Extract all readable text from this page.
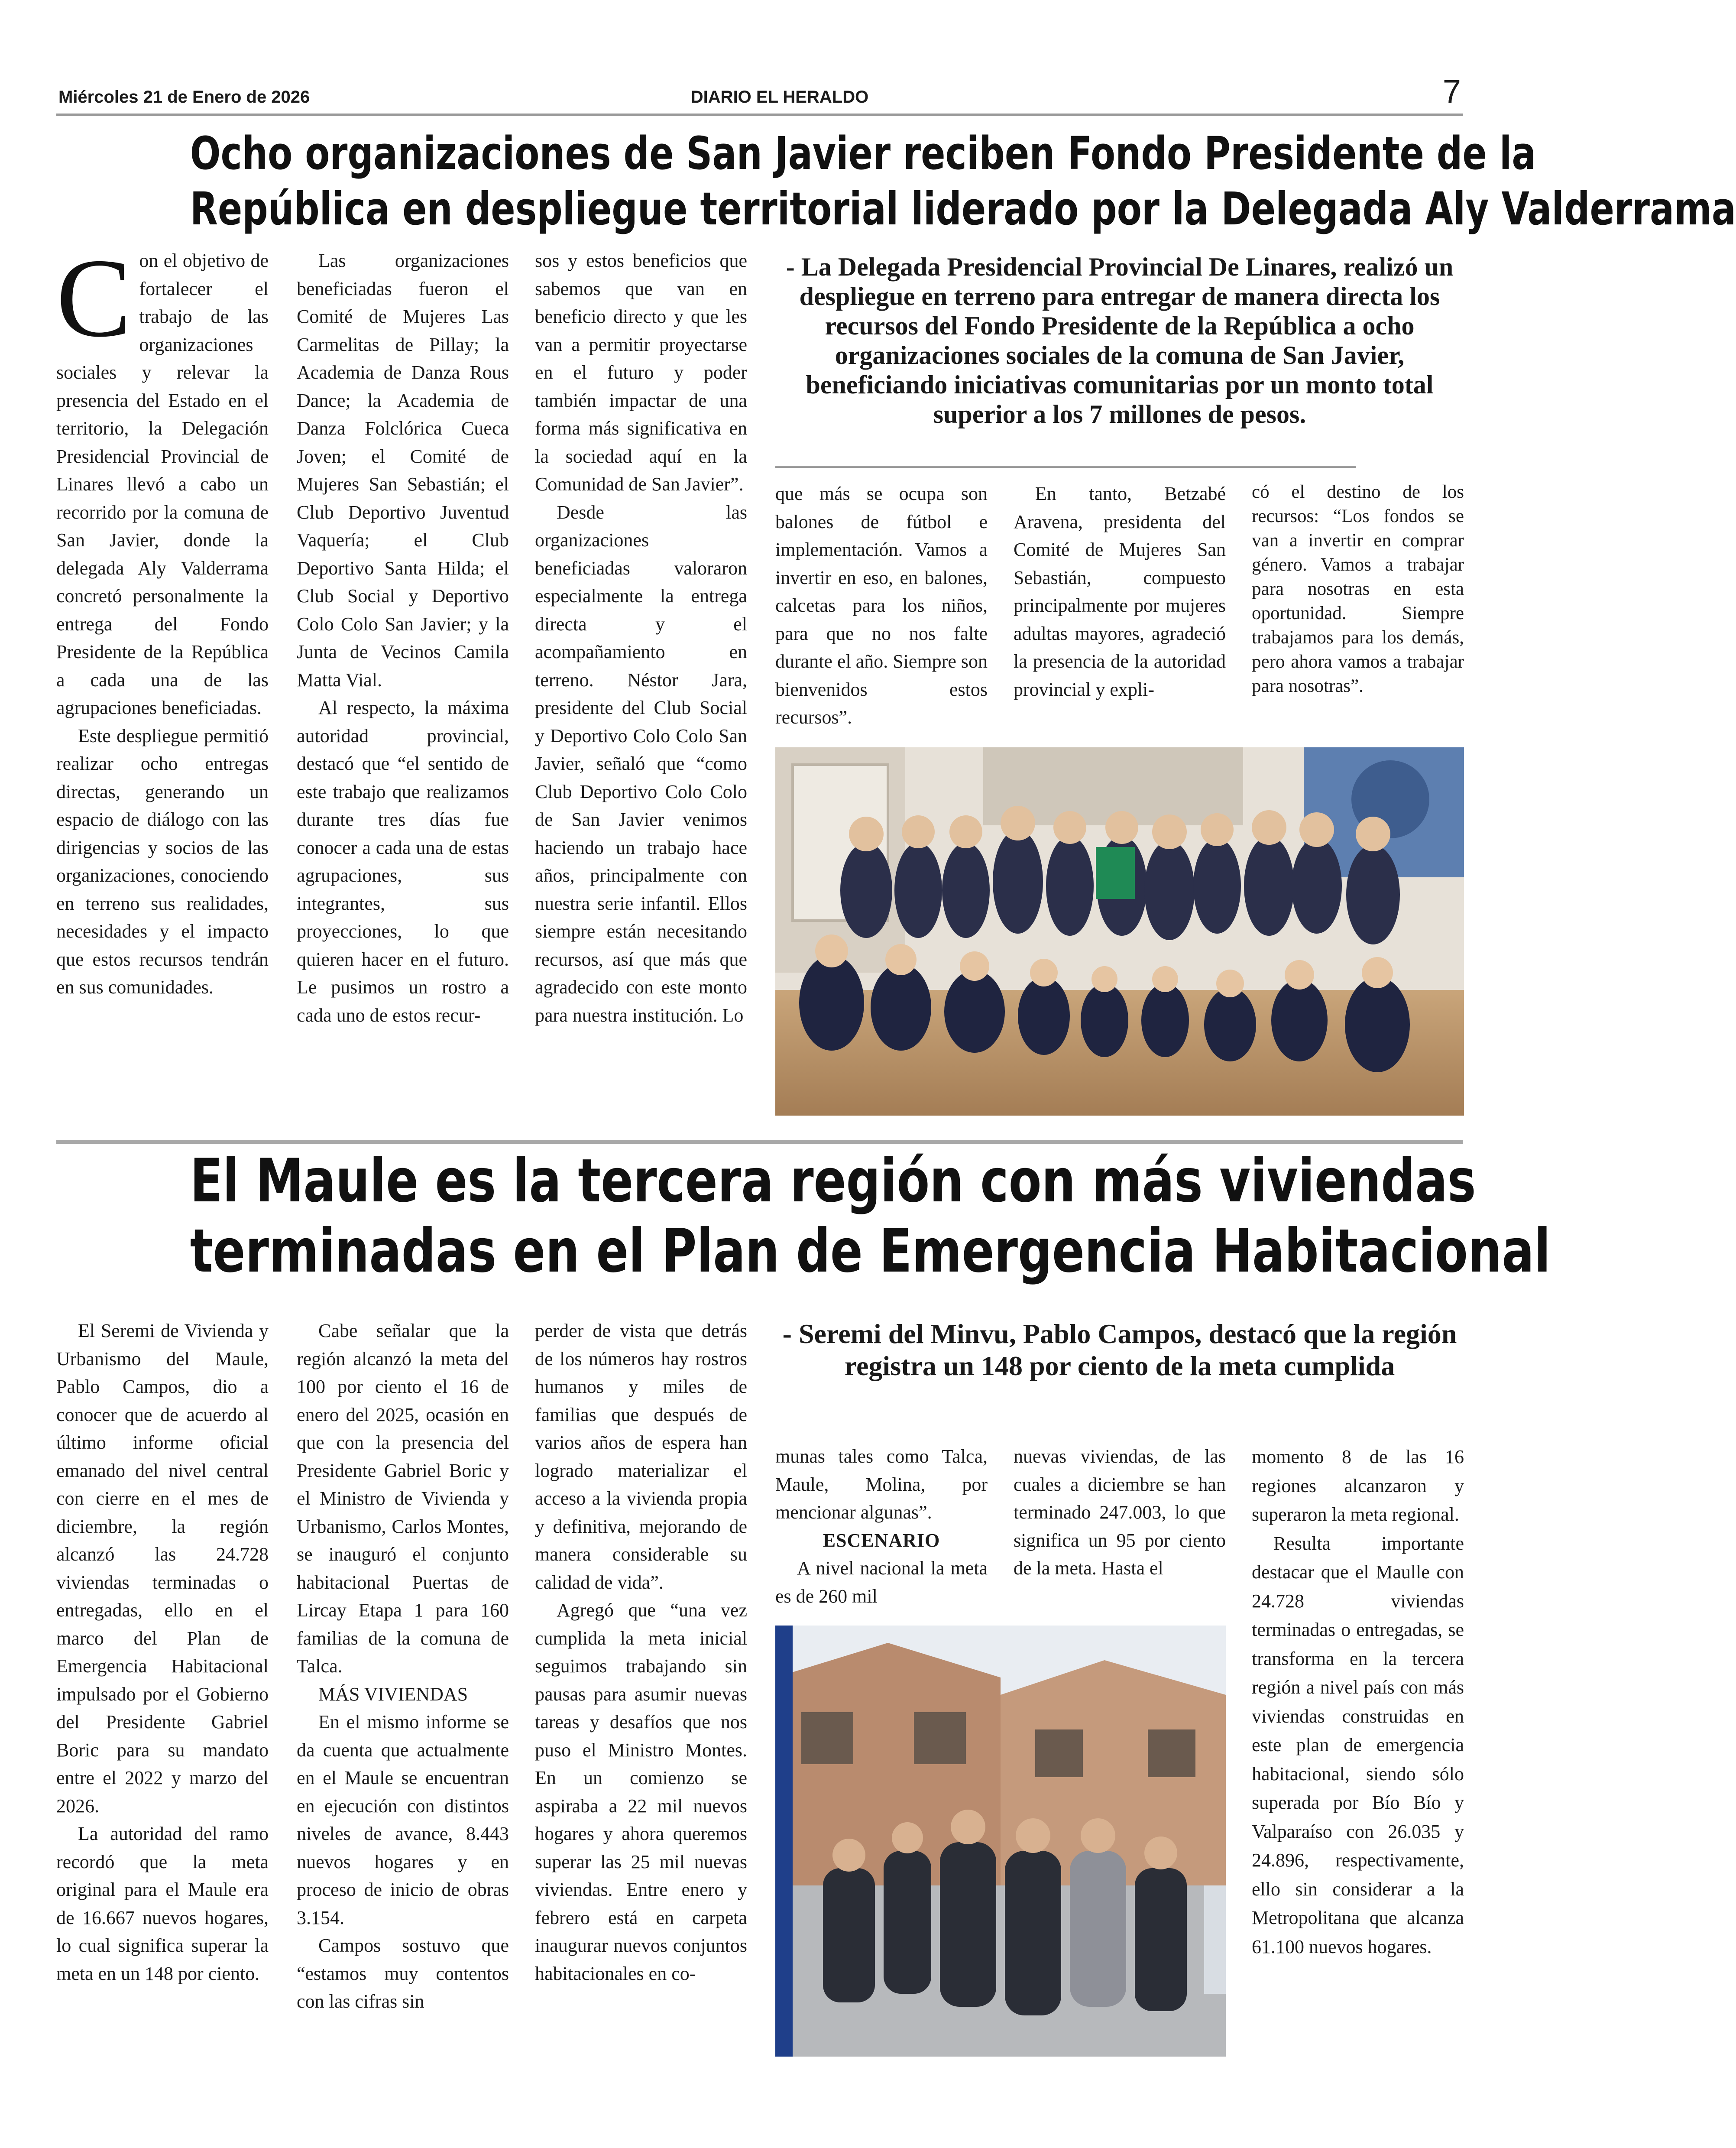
Miércoles 21 de Enero de 2026	DIARIO EL HERALDO	7
Ocho organizaciones de San Javier reciben Fondo Presidente de la
República en despliegue territorial liderado por la Delegada Aly Valderrama
C on el objetivo de fortalecer el trabajo de las organizaciones sociales y relevar la presencia del Estado en el territorio, la Delegación Presidencial Provincial de Linares llevó a cabo un recorrido por la comuna de San Javier, donde la delegada Aly Valderrama concretó personalmente la entrega del Fondo Presidente de la República a cada una de las agrupaciones beneficiadas.

Este despliegue permitió realizar ocho entregas directas, generando un espacio de diálogo con las dirigencias y socios de las organizaciones, conociendo en terreno sus realidades, necesidades y el impacto que estos recursos tendrán en sus comunidades.

Las organizaciones beneficiadas fueron el Comité de Mujeres Las Carmelitas de Pillay; la Academia de Danza Rous Dance; la Academia de Danza Folclórica Cueca Joven; el Comité de Mujeres San Sebastián; el Club Deportivo Juventud Vaquería; el Club Deportivo Santa Hilda; el Club Social y Deportivo Colo Colo San Javier; y la Junta de Vecinos Camila Matta Vial.

Al respecto, la máxima autoridad provincial, destacó que “el sentido de este trabajo que realizamos durante tres días fue conocer a cada una de estas agrupaciones, sus integrantes, sus proyecciones, lo que quieren hacer en el futuro. Le pusimos un rostro a cada uno de estos recur-

sos y estos beneficios que sabemos que van en beneficio directo y que les van a permitir proyectarse en el futuro y poder también impactar de una forma más significativa en la sociedad aquí en la Comunidad de San Javier”.

Desde las organizaciones beneficiadas valoraron especialmente la entrega directa y el acompañamiento en terreno. Néstor Jara, presidente del Club Social y Deportivo Colo Colo San Javier, señaló que “como Club Deportivo Colo Colo de San Javier venimos haciendo un trabajo hace años, principalmente con nuestra serie infantil. Ellos siempre están necesitando recursos, así que más que agradecido con este monto para nuestra institución. Lo

- La Delegada Presidencial Provincial De Linares, realizó un despliegue en terreno para entregar de manera directa los recursos del Fondo Presidente de la República a ocho organizaciones sociales de la comuna de San Javier, beneficiando iniciativas comunitarias por un monto total superior a los 7 millones de pesos.

que más se ocupa son balones de fútbol e implementación. Vamos a invertir en eso, en balones, calcetas para los niños, para que no nos falte durante el año. Siempre son bienvenidos estos recursos”.

En tanto, Betzabé Aravena, presidenta del Comité de Mujeres San Sebastián, compuesto principalmente por mujeres adultas mayores, agradeció la presencia de la autoridad provincial y expli-

có el destino de los recursos: “Los fondos se van a invertir en comprar género. Vamos a trabajar para nosotras en esta oportunidad. Siempre trabajamos para los demás, pero ahora vamos a trabajar para nosotras”.

El Maule es la tercera región con más viviendas
terminadas en el Plan de Emergencia Habitacional

El Seremi de Vivienda y Urbanismo del Maule, Pablo Campos, dio a conocer que de acuerdo al último informe oficial emanado del nivel central con cierre en el mes de diciembre, la región alcanzó las 24.728 viviendas terminadas o entregadas, ello en el marco del Plan de Emergencia Habitacional impulsado por el Gobierno del Presidente Gabriel Boric para su mandato entre el 2022 y marzo del 2026.

La autoridad del ramo recordó que la meta original para el Maule era de 16.667 nuevos hogares, lo cual significa superar la meta en un 148 por ciento.

Cabe señalar que la región alcanzó la meta del 100 por ciento el 16 de enero del 2025, ocasión en que con la presencia del Presidente Gabriel Boric y el Ministro de Vivienda y Urbanismo, Carlos Montes, se inauguró el conjunto habitacional Puertas de Lircay Etapa 1 para 160 familias de la comuna de Talca.

MÁS VIVIENDAS

En el mismo informe se da cuenta que actualmente en el Maule se encuentran en ejecución con distintos niveles de avance, 8.443 nuevos hogares y en proceso de inicio de obras 3.154.

Campos sostuvo que “estamos muy contentos con las cifras sin

perder de vista que detrás de los números hay rostros humanos y miles de familias que después de varios años de espera han logrado materializar el acceso a la vivienda propia y definitiva, mejorando de manera considerable su calidad de vida”.

Agregó que “una vez cumplida la meta inicial seguimos trabajando sin pausas para asumir nuevas tareas y desafíos que nos puso el Ministro Montes. En un comienzo se aspiraba a 22 mil nuevos hogares y ahora queremos superar las 25 mil nuevas viviendas. Entre enero y febrero está en carpeta inaugurar nuevos conjuntos habitacionales en co-

- Seremi del Minvu, Pablo Campos, destacó que la región registra un 148 por ciento de la meta cumplida

munas tales como Talca, Maule, Molina, por mencionar algunas”.

ESCENARIO

A nivel nacional la meta es de 260 mil

nuevas viviendas, de las cuales a diciembre se han terminado 247.003, lo que significa un 95 por ciento de la meta. Hasta el

momento 8 de las 16 regiones alcanzaron y superaron la meta regional.

Resulta importante destacar que el Maulle con 24.728 viviendas terminadas o entregadas, se transforma en la tercera región a nivel país con más viviendas construidas en este plan de emergencia habitacional, siendo sólo superada por Bío Bío y Valparaíso con 26.035 y 24.896, respectivamente, ello sin considerar a la Metropolitana que alcanza 61.100 nuevos hogares.
